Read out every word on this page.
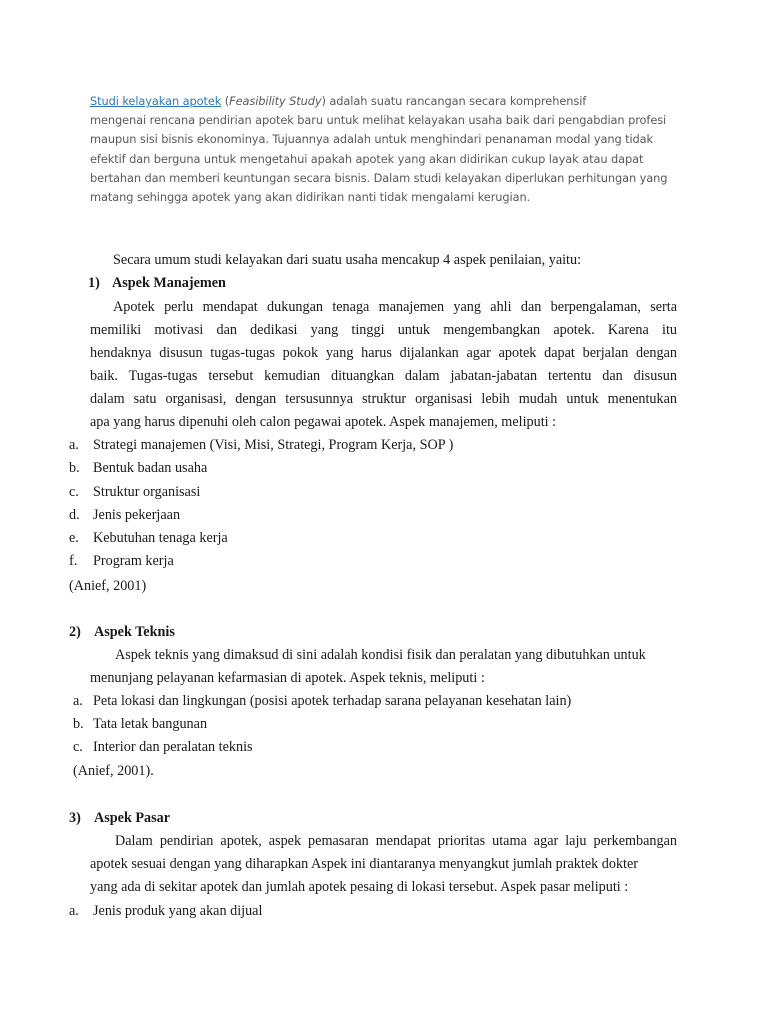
Studi kelayakan apotek (Feasibility Study) adalah suatu rancangan secara komprehensif
mengenai rencana pendirian apotek baru untuk melihat kelayakan usaha baik dari pengabdian profesi
maupun sisi bisnis ekonominya. Tujuannya adalah untuk menghindari penanaman modal yang tidak
efektif dan berguna untuk mengetahui apakah apotek yang akan didirikan cukup layak atau dapat
bertahan dan memberi keuntungan secara bisnis. Dalam studi kelayakan diperlukan perhitungan yang
matang sehingga apotek yang akan didirikan nanti tidak mengalami kerugian.
Secara umum studi kelayakan dari suatu usaha mencakup 4 aspek penilaian, yaitu:
1) Aspek Manajemen
Apotek perlu mendapat dukungan tenaga manajemen yang ahli dan berpengalaman, serta
memiliki motivasi dan dedikasi yang tinggi untuk mengembangkan apotek. Karena itu
hendaknya disusun tugas-tugas pokok yang harus dijalankan agar apotek dapat berjalan dengan
baik. Tugas-tugas tersebut kemudian dituangkan dalam jabatan-jabatan tertentu dan disusun
dalam satu organisasi, dengan tersusunnya struktur organisasi lebih mudah untuk menentukan
apa yang harus dipenuhi oleh calon pegawai apotek. Aspek manajemen, meliputi :
a. Strategi manajemen (Visi, Misi, Strategi, Program Kerja, SOP )
b. Bentuk badan usaha
c. Struktur organisasi
d. Jenis pekerjaan
e. Kebutuhan tenaga kerja
f. Program kerja
(Anief, 2001)
2) Aspek Teknis
Aspek teknis yang dimaksud di sini adalah kondisi fisik dan peralatan yang dibutuhkan untuk
menunjang pelayanan kefarmasian di apotek. Aspek teknis, meliputi :
a. Peta lokasi dan lingkungan (posisi apotek terhadap sarana pelayanan kesehatan lain)
b. Tata letak bangunan
c. Interior dan peralatan teknis
(Anief, 2001).
3) Aspek Pasar
Dalam pendirian apotek, aspek pemasaran mendapat prioritas utama agar laju perkembangan
apotek sesuai dengan yang diharapkan Aspek ini diantaranya menyangkut jumlah praktek dokter
yang ada di sekitar apotek dan jumlah apotek pesaing di lokasi tersebut. Aspek pasar meliputi :
a. Jenis produk yang akan dijual
